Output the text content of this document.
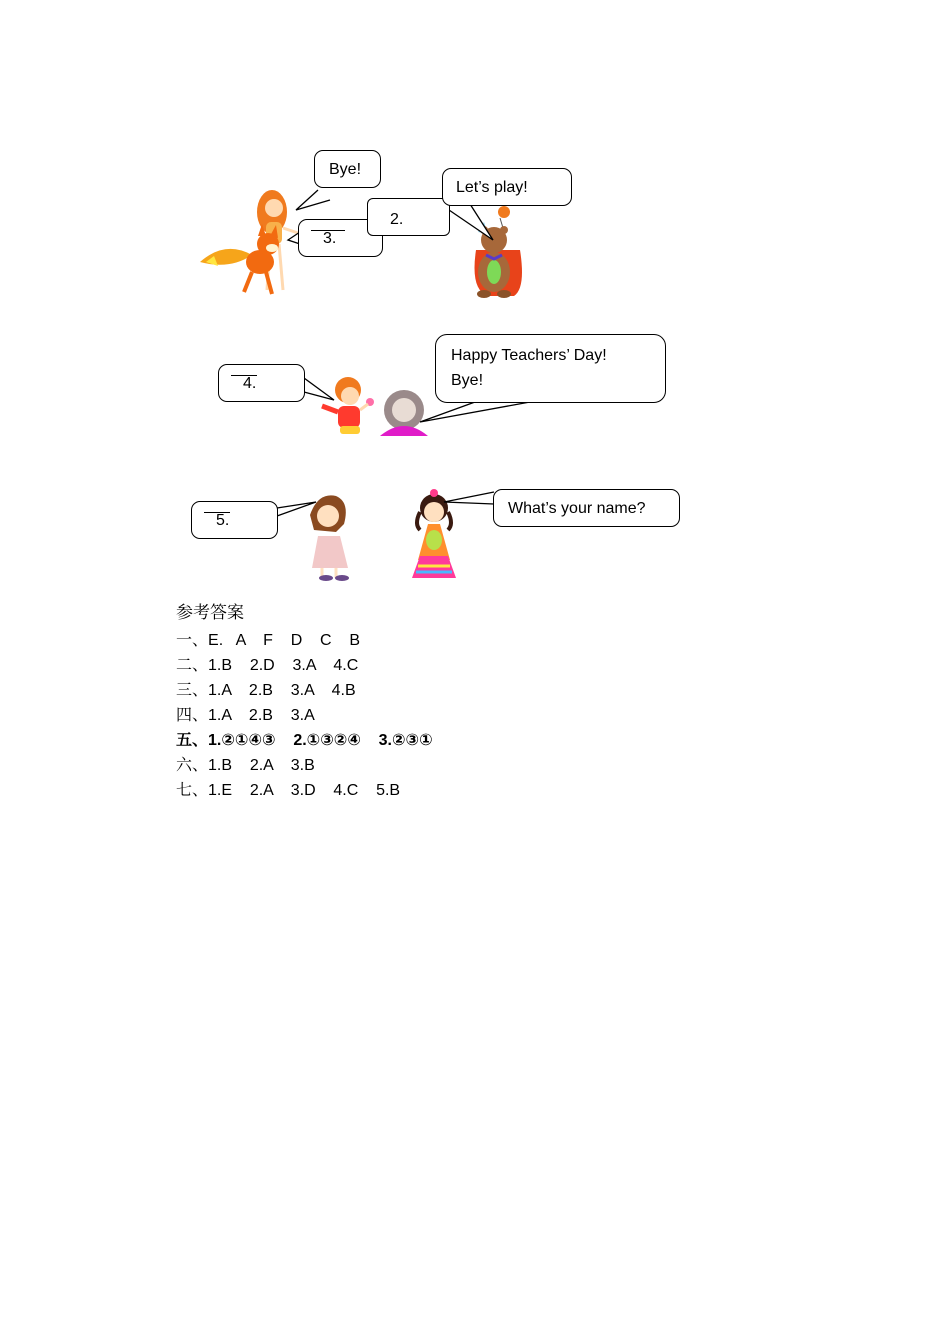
Bye!
3.
2.
Let’s play!
4.
Happy Teachers’ Day!
Bye!
5.
What’s your name?
参考答案
一、E.   A    F    D    C    B
二、1.B    2.D    3.A    4.C
三、1.A    2.B    3.A    4.B
四、1.A    2.B    3.A
五、1.②①④③    2.①③②④    3.②③①
六、1.B    2.A    3.B
七、1.E    2.A    3.D    4.C    5.B
